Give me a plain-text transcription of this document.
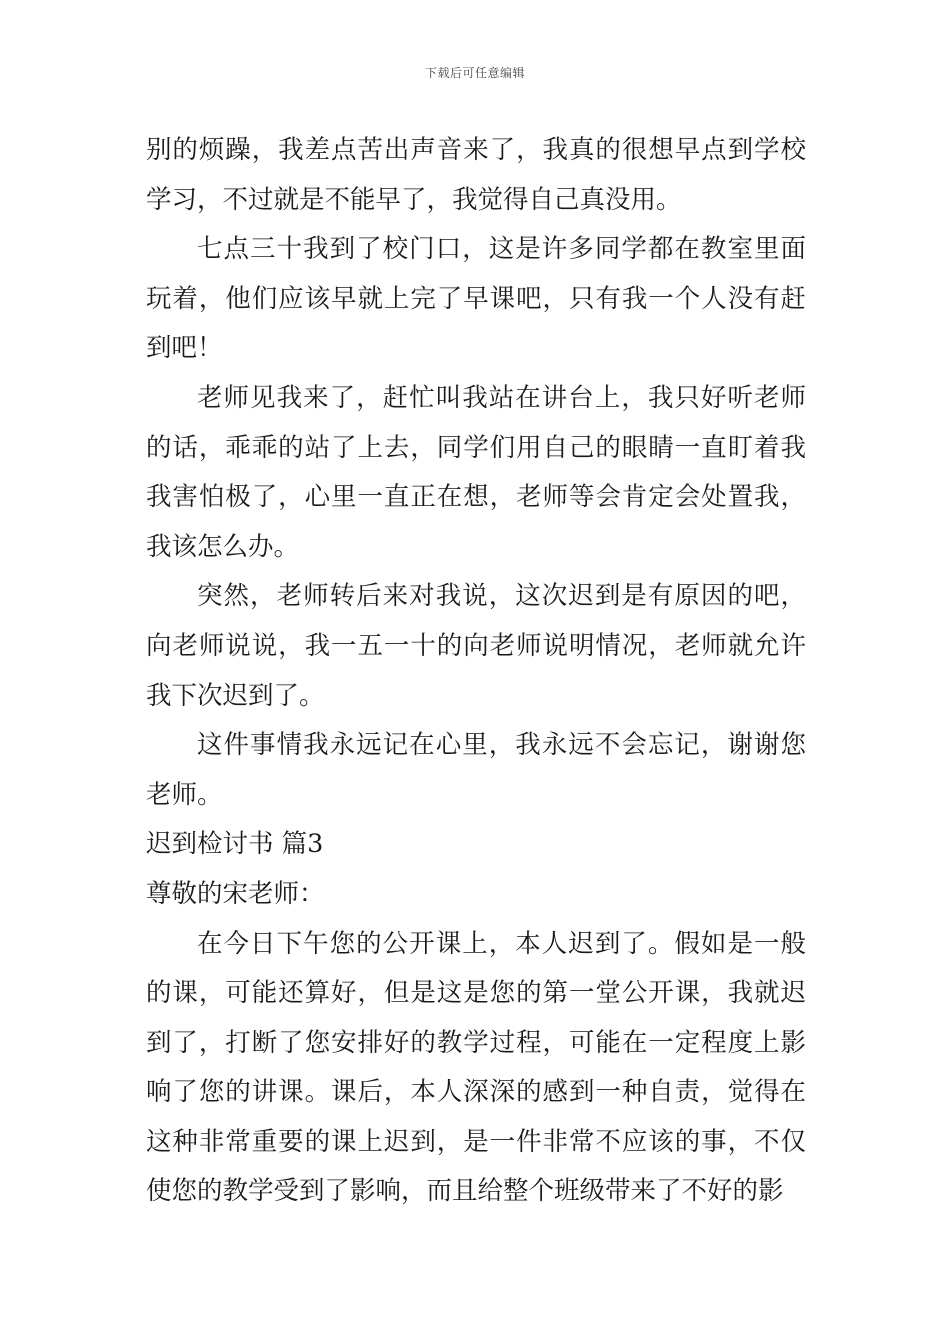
下载后可任意编辑

别的烦躁，我差点苦出声音来了，我真的很想早点到学校学习，不过就是不能早了，我觉得自己真没用。

七点三十我到了校门口，这是许多同学都在教室里面玩着，他们应该早就上完了早课吧，只有我一个人没有赶到吧！

老师见我来了，赶忙叫我站在讲台上，我只好听老师的话，乖乖的站了上去，同学们用自己的眼睛一直盯着我我害怕极了，心里一直正在想，老师等会肯定会处置我，我该怎么办。

突然，老师转后来对我说，这次迟到是有原因的吧，向老师说说，我一五一十的向老师说明情况，老师就允许我下次迟到了。

这件事情我永远记在心里，我永远不会忘记，谢谢您老师。

迟到检讨书 篇3

尊敬的宋老师：

在今日下午您的公开课上，本人迟到了。假如是一般的课，可能还算好，但是这是您的第一堂公开课，我就迟到了，打断了您安排好的教学过程，可能在一定程度上影响了您的讲课。课后，本人深深的感到一种自责，觉得在这种非常重要的课上迟到，是一件非常不应该的事，不仅使您的教学受到了影响，而且给整个班级带来了不好的影
